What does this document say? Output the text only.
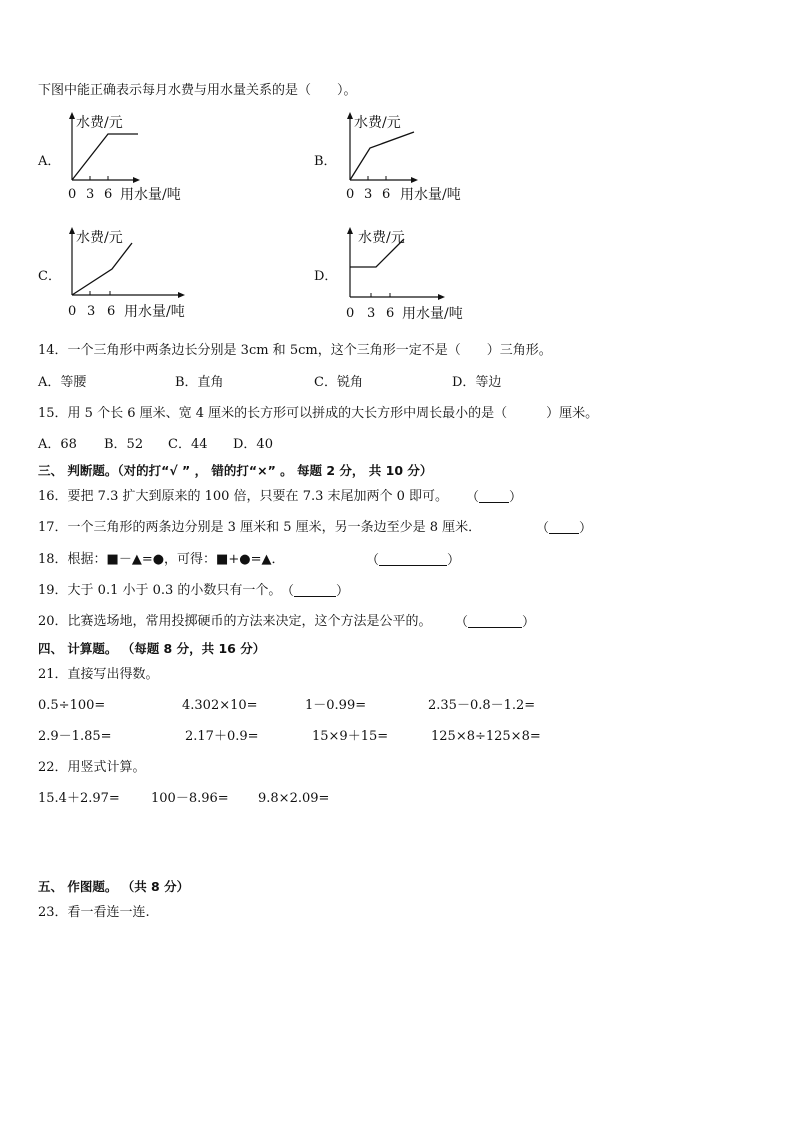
下图中能正确表示每月水费与用水量关系的是（　　）。
A．
水费/元
0 3 6 用水量/吨
B．
水费/元
0 3 6 用水量/吨
C．
水费/元
0 3 6 用水量/吨
D．
水费/元
0 3 6 用水量/吨
14．一个三角形中两条边长分别是 3cm 和 5cm，这个三角形一定不是（　　）三角形。
A．等腰	B．直角	C．锐角	D．等边
15．用 5 个长 6 厘米、宽 4 厘米的长方形可以拼成的大长方形中周长最小的是（　　　）厘米。
A．68 B．52 C．44 D．40
三、 判断题。（对的打“√ ” ， 错的打“×” 。 每题 2 分， 共 10 分）
16．要把 7.3 扩大到原来的 100 倍，只要在 7.3 末尾加两个 0 即可。 （ ）
17．一个三角形的两条边分别是 3 厘米和 5 厘米，另一条边至少是 8 厘米．	（ ）
18．根据：■－▲=●，可得：■+●=▲．	（	）
19．大于 0.1 小于 0.3 的小数只有一个。 （	）
20．比赛选场地，常用投掷硬币的方法来决定，这个方法是公平的。 （	）
四、 计算题。 （每题 8 分，共 16 分）
21．直接写出得数。
0.5÷100=	4.302×10=	1－0.99=	2.35－0.8－1.2=
2.9－1.85=	2.17＋0.9=	15×9＋15=	125×8÷125×8=
22．用竖式计算。
15.4＋2.97= 100－8.96= 9.8×2.09=
五、 作图题。 （共 8 分）
23．看一看连一连.
